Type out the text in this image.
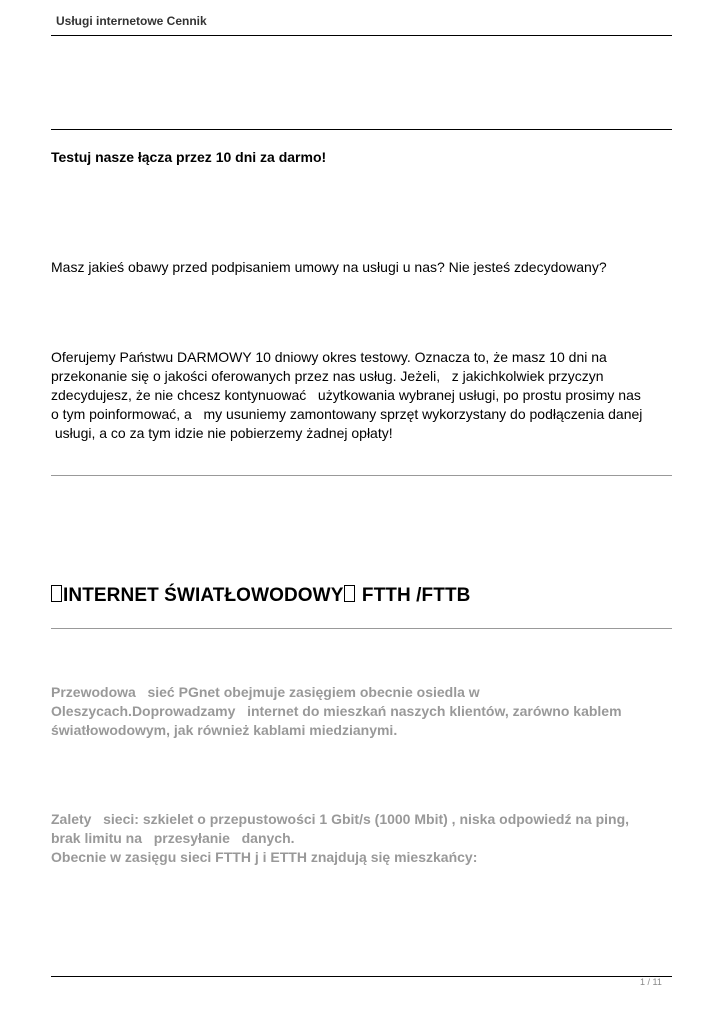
Usługi internetowe Cennik
Testuj nasze łącza przez 10 dni za darmo!
Masz jakieś obawy przed podpisaniem umowy na usługi u nas? Nie jesteś zdecydowany?
Oferujemy Państwu DARMOWY 10 dniowy okres testowy. Oznacza to, że masz 10 dni na
przekonanie się o jakości oferowanych przez nas usług. Jeżeli,   z jakichkolwiek przyczyn
zdecydujesz, że nie chcesz kontynuować   użytkowania wybranej usługi, po prostu prosimy nas
o tym poinformować, a   my usuniemy zamontowany sprzęt wykorzystany do podłączenia danej
usługi, a co za tym idzie nie pobierzemy żadnej opłaty!
INTERNET ŚWIATŁOWODOWY FTTH /FTTB
Przewodowa   sieć PGnet obejmuje zasięgiem obecnie osiedla w
Oleszycach.Doprowadzamy   internet do mieszkań naszych klientów, zarówno kablem
światłowodowym, jak również kablami miedzianymi.
Zalety   sieci: szkielet o przepustowości 1 Gbit/s (1000 Mbit) , niska odpowiedź na ping,
brak limitu na   przesyłanie   danych.
Obecnie w zasięgu sieci FTTH j i ETTH znajdują się mieszkańcy:
1 / 11
